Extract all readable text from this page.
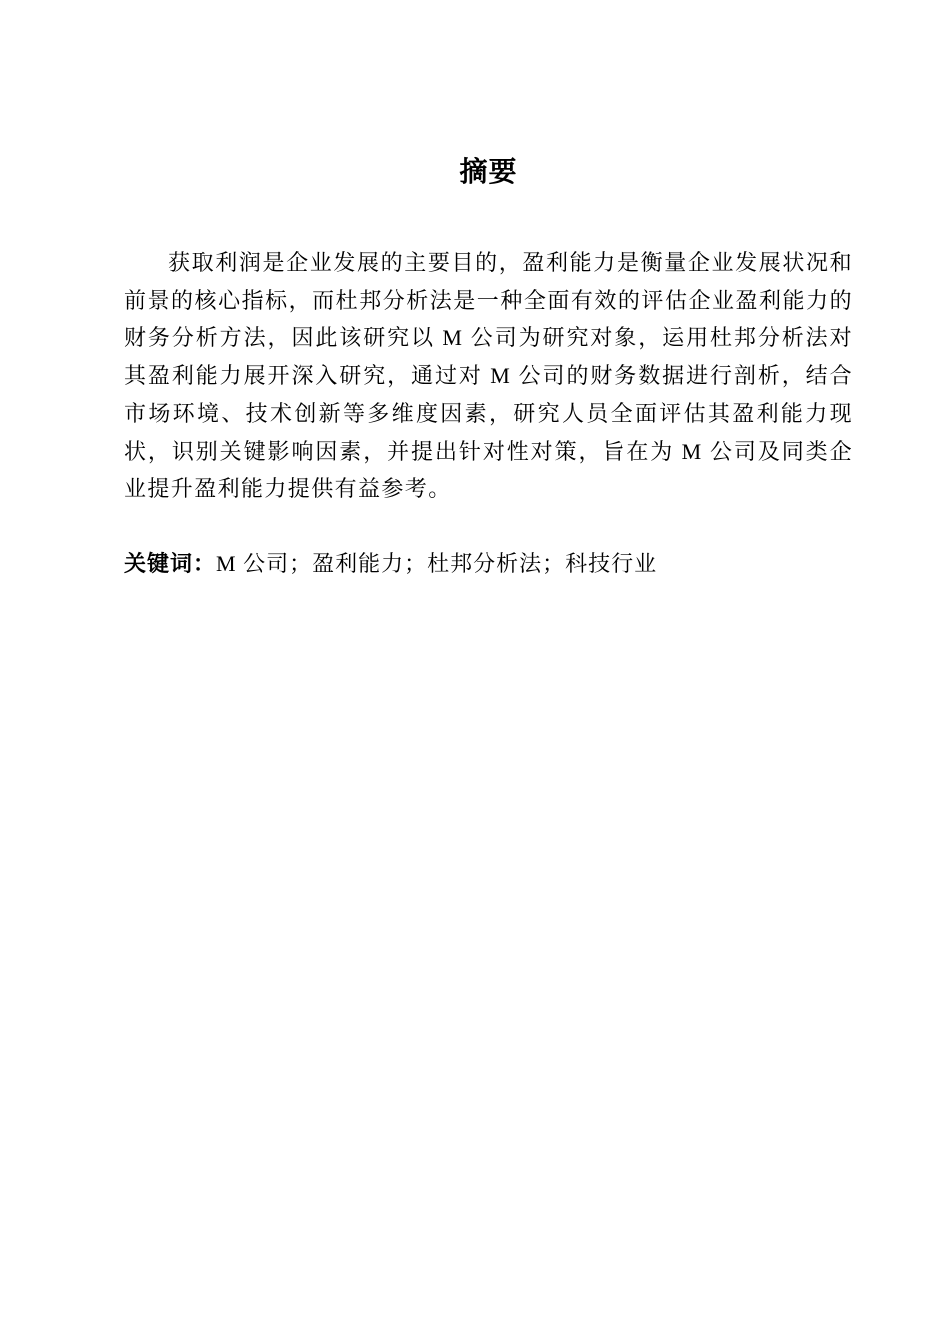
摘要

获取利润是企业发展的主要目的，盈利能力是衡量企业发展状况和前景的核心指标，而杜邦分析法是一种全面有效的评估企业盈利能力的财务分析方法，因此该研究以 M 公司为研究对象，运用杜邦分析法对其盈利能力展开深入研究，通过对 M 公司的财务数据进行剖析，结合市场环境、技术创新等多维度因素，研究人员全面评估其盈利能力现状，识别关键影响因素，并提出针对性对策，旨在为 M 公司及同类企业提升盈利能力提供有益参考。

关键词：M 公司；盈利能力；杜邦分析法；科技行业
